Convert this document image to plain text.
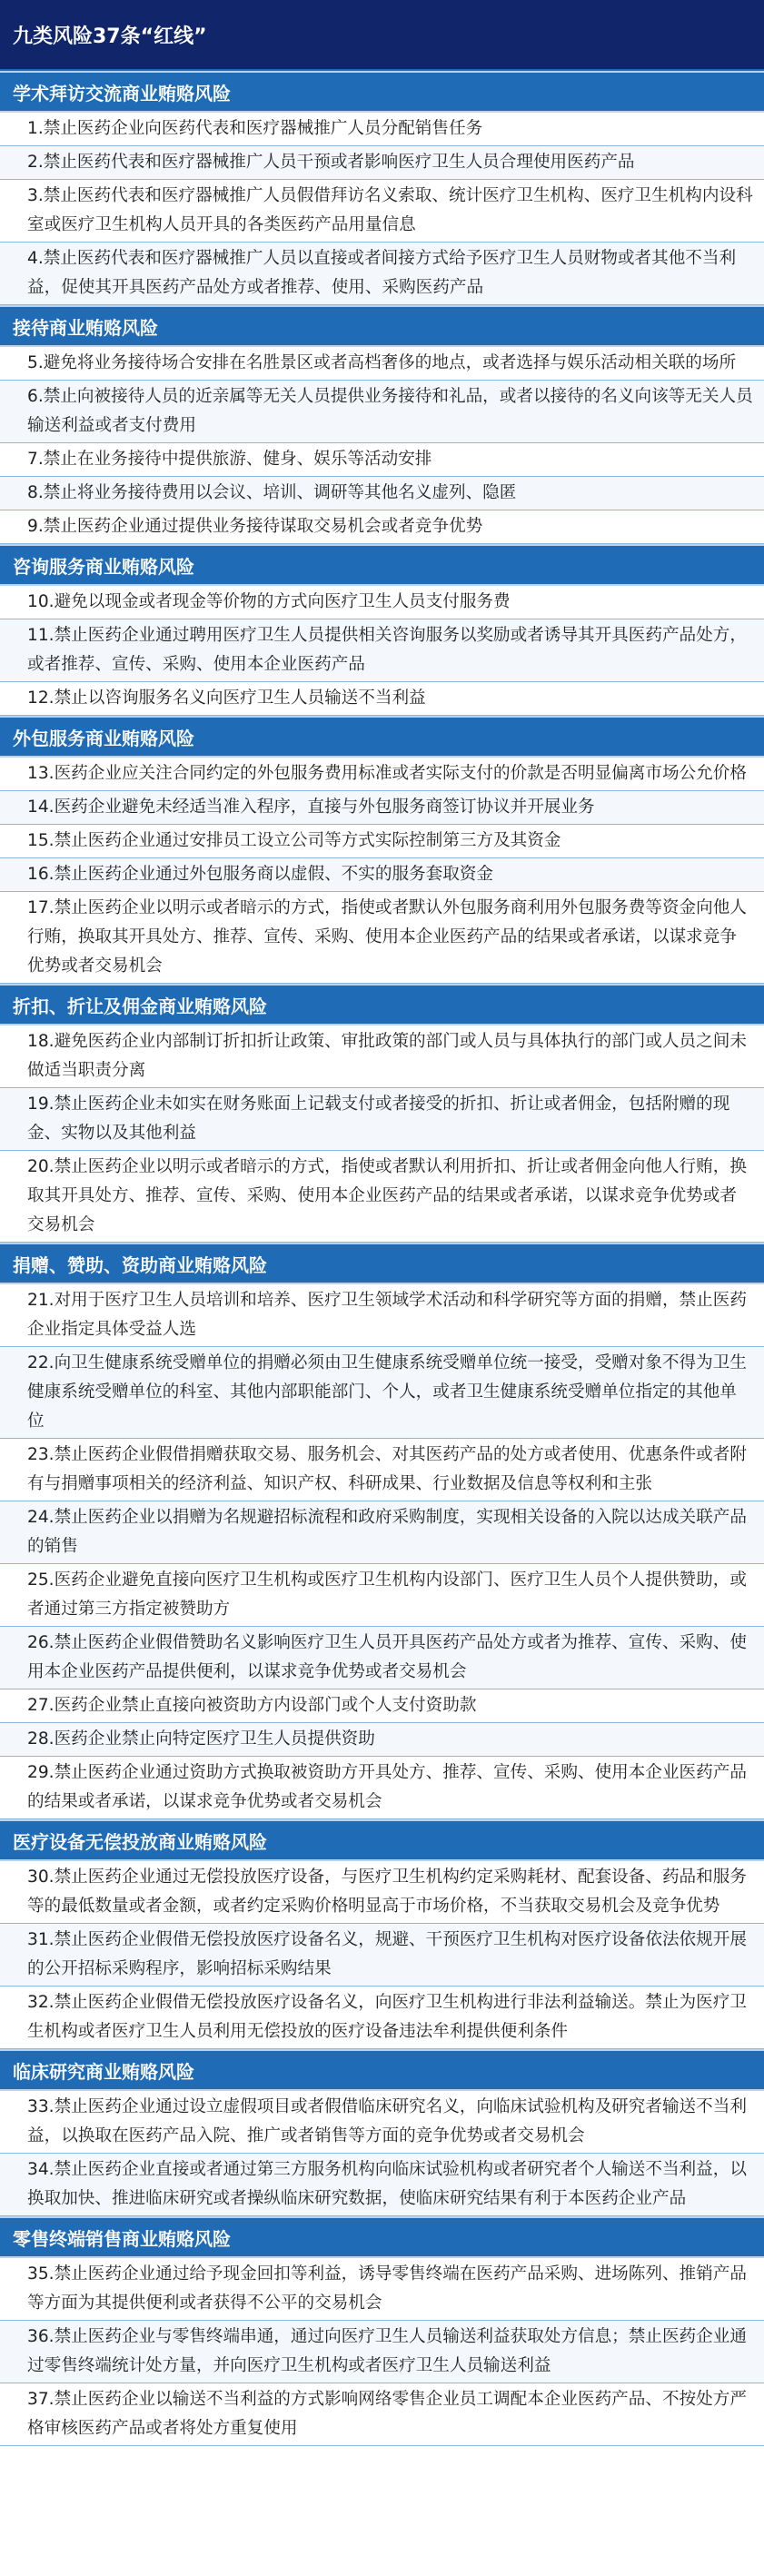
九类风险37条“红线”
学术拜访交流商业贿赂风险
1.禁止医药企业向医药代表和医疗器械推广人员分配销售任务
2.禁止医药代表和医疗器械推广人员干预或者影响医疗卫生人员合理使用医药产品
3.禁止医药代表和医疗器械推广人员假借拜访名义索取、统计医疗卫生机构、医疗卫生机构内设科室或医疗卫生机构人员开具的各类医药产品用量信息
4.禁止医药代表和医疗器械推广人员以直接或者间接方式给予医疗卫生人员财物或者其他不当利益，促使其开具医药产品处方或者推荐、使用、采购医药产品
接待商业贿赂风险
5.避免将业务接待场合安排在名胜景区或者高档奢侈的地点，或者选择与娱乐活动相关联的场所
6.禁止向被接待人员的近亲属等无关人员提供业务接待和礼品，或者以接待的名义向该等无关人员输送利益或者支付费用
7.禁止在业务接待中提供旅游、健身、娱乐等活动安排
8.禁止将业务接待费用以会议、培训、调研等其他名义虚列、隐匿
9.禁止医药企业通过提供业务接待谋取交易机会或者竞争优势
咨询服务商业贿赂风险
10.避免以现金或者现金等价物的方式向医疗卫生人员支付服务费
11.禁止医药企业通过聘用医疗卫生人员提供相关咨询服务以奖励或者诱导其开具医药产品处方，或者推荐、宣传、采购、使用本企业医药产品
12.禁止以咨询服务名义向医疗卫生人员输送不当利益
外包服务商业贿赂风险
13.医药企业应关注合同约定的外包服务费用标准或者实际支付的价款是否明显偏离市场公允价格
14.医药企业避免未经适当准入程序，直接与外包服务商签订协议并开展业务
15.禁止医药企业通过安排员工设立公司等方式实际控制第三方及其资金
16.禁止医药企业通过外包服务商以虚假、不实的服务套取资金
17.禁止医药企业以明示或者暗示的方式，指使或者默认外包服务商利用外包服务费等资金向他人行贿，换取其开具处方、推荐、宣传、采购、使用本企业医药产品的结果或者承诺，以谋求竞争优势或者交易机会
折扣、折让及佣金商业贿赂风险
18.避免医药企业内部制订折扣折让政策、审批政策的部门或人员与具体执行的部门或人员之间未做适当职责分离
19.禁止医药企业未如实在财务账面上记载支付或者接受的折扣、折让或者佣金，包括附赠的现金、实物以及其他利益
20.禁止医药企业以明示或者暗示的方式，指使或者默认利用折扣、折让或者佣金向他人行贿，换取其开具处方、推荐、宣传、采购、使用本企业医药产品的结果或者承诺，以谋求竞争优势或者交易机会
捐赠、赞助、资助商业贿赂风险
21.对用于医疗卫生人员培训和培养、医疗卫生领域学术活动和科学研究等方面的捐赠，禁止医药企业指定具体受益人选
22.向卫生健康系统受赠单位的捐赠必须由卫生健康系统受赠单位统一接受，受赠对象不得为卫生健康系统受赠单位的科室、其他内部职能部门、个人，或者卫生健康系统受赠单位指定的其他单位
23.禁止医药企业假借捐赠获取交易、服务机会、对其医药产品的处方或者使用、优惠条件或者附有与捐赠事项相关的经济利益、知识产权、科研成果、行业数据及信息等权利和主张
24.禁止医药企业以捐赠为名规避招标流程和政府采购制度，实现相关设备的入院以达成关联产品的销售
25.医药企业避免直接向医疗卫生机构或医疗卫生机构内设部门、医疗卫生人员个人提供赞助，或者通过第三方指定被赞助方
26.禁止医药企业假借赞助名义影响医疗卫生人员开具医药产品处方或者为推荐、宣传、采购、使用本企业医药产品提供便利，以谋求竞争优势或者交易机会
27.医药企业禁止直接向被资助方内设部门或个人支付资助款
28.医药企业禁止向特定医疗卫生人员提供资助
29.禁止医药企业通过资助方式换取被资助方开具处方、推荐、宣传、采购、使用本企业医药产品的结果或者承诺，以谋求竞争优势或者交易机会
医疗设备无偿投放商业贿赂风险
30.禁止医药企业通过无偿投放医疗设备，与医疗卫生机构约定采购耗材、配套设备、药品和服务等的最低数量或者金额，或者约定采购价格明显高于市场价格，不当获取交易机会及竞争优势
31.禁止医药企业假借无偿投放医疗设备名义，规避、干预医疗卫生机构对医疗设备依法依规开展的公开招标采购程序，影响招标采购结果
32.禁止医药企业假借无偿投放医疗设备名义，向医疗卫生机构进行非法利益输送。禁止为医疗卫生机构或者医疗卫生人员利用无偿投放的医疗设备违法牟利提供便利条件
临床研究商业贿赂风险
33.禁止医药企业通过设立虚假项目或者假借临床研究名义，向临床试验机构及研究者输送不当利益，以换取在医药产品入院、推广或者销售等方面的竞争优势或者交易机会
34.禁止医药企业直接或者通过第三方服务机构向临床试验机构或者研究者个人输送不当利益，以换取加快、推进临床研究或者操纵临床研究数据，使临床研究结果有利于本医药企业产品
零售终端销售商业贿赂风险
35.禁止医药企业通过给予现金回扣等利益，诱导零售终端在医药产品采购、进场陈列、推销产品等方面为其提供便利或者获得不公平的交易机会
36.禁止医药企业与零售终端串通，通过向医疗卫生人员输送利益获取处方信息；禁止医药企业通过零售终端统计处方量，并向医疗卫生机构或者医疗卫生人员输送利益
37.禁止医药企业以输送不当利益的方式影响网络零售企业员工调配本企业医药产品、不按处方严格审核医药产品或者将处方重复使用
